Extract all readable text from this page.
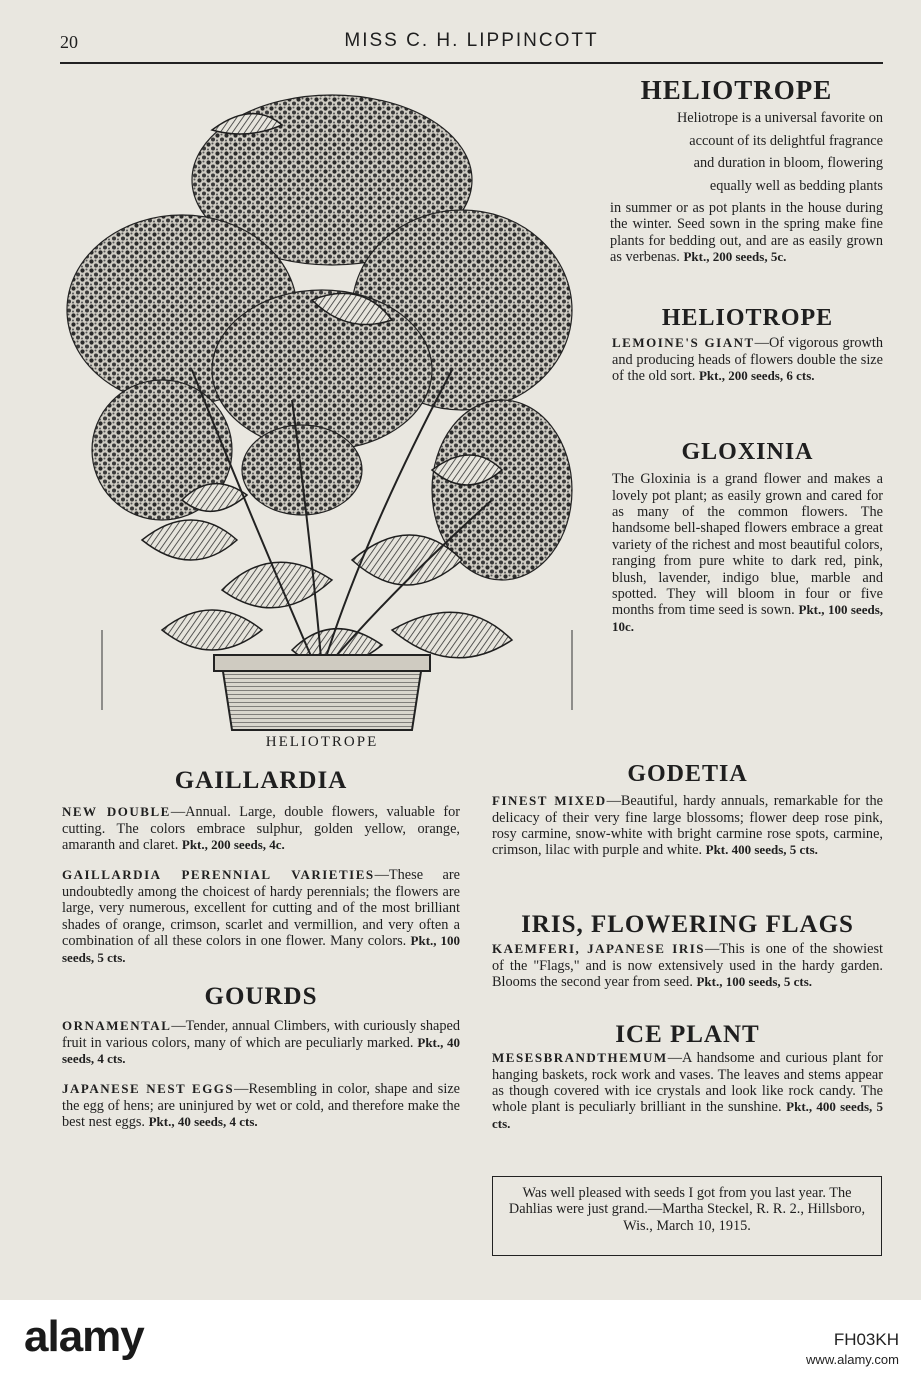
20	MISS C. H. LIPPINCOTT
HELIOTROPE
HELIOTROPE

Heliotrope is a universal favorite on

account of its delightful fragrance

and duration in bloom, flowering

equally well as bedding plants

in summer or as pot plants in the house during the winter. Seed sown in the spring make fine plants for bedding out, and are as easily grown as verbenas. Pkt., 200 seeds, 5c.

HELIOTROPE

LEMOINE'S GIANT—Of vigorous growth and producing heads of flowers double the size of the old sort. Pkt., 200 seeds, 6 cts.

GLOXINIA

The Gloxinia is a grand flower and makes a lovely pot plant; as easily grown and cared for as many of the common flowers. The handsome bell-shaped flowers embrace a great variety of the richest and most beautiful colors, ranging from pure white to dark red, pink, blush, lavender, indigo blue, marble and spotted. They will bloom in four or five months from time seed is sown. Pkt., 100 seeds, 10c.

GODETIA

FINEST MIXED—Beautiful, hardy annuals, remarkable for the delicacy of their very fine large blossoms; flower deep rose pink, rosy carmine, snow-white with bright carmine rose spots, carmine, crimson, lilac with purple and white. Pkt. 400 seeds, 5 cts.

IRIS, FLOWERING FLAGS

KAEMFERI, JAPANESE IRIS—This is one of the showiest of the "Flags," and is now extensively used in the hardy garden. Blooms the second year from seed. Pkt., 100 seeds, 5 cts.

ICE PLANT

MESESBRANDTHEMUM—A handsome and curious plant for hanging baskets, rock work and vases. The leaves and stems appear as though covered with ice crystals and look like rock candy. The whole plant is peculiarly brilliant in the sunshine. Pkt., 400 seeds, 5 cts.

Was well pleased with seeds I got from you last year. The Dahlias were just grand.—Martha Steckel, R. R. 2., Hillsboro, Wis., March 10, 1915.
GAILLARDIA

NEW DOUBLE—Annual. Large, double flowers, valuable for cutting. The colors embrace sulphur, golden yellow, orange, amaranth and claret. Pkt., 200 seeds, 4c.

GAILLARDIA PERENNIAL VARIETIES—These are undoubtedly among the choicest of hardy perennials; the flowers are large, very numerous, excellent for cutting and of the most brilliant shades of orange, crimson, scarlet and vermillion, and very often a combination of all these colors in one flower. Many colors. Pkt., 100 seeds, 5 cts.

GOURDS

ORNAMENTAL—Tender, annual Climbers, with curiously shaped fruit in various colors, many of which are peculiarly marked. Pkt., 40 seeds, 4 cts.

JAPANESE NEST EGGS—Resembling in color, shape and size the egg of hens; are uninjured by wet or cold, and therefore make the best nest eggs. Pkt., 40 seeds, 4 cts.

alamy	FH03KH
www.alamy.com
